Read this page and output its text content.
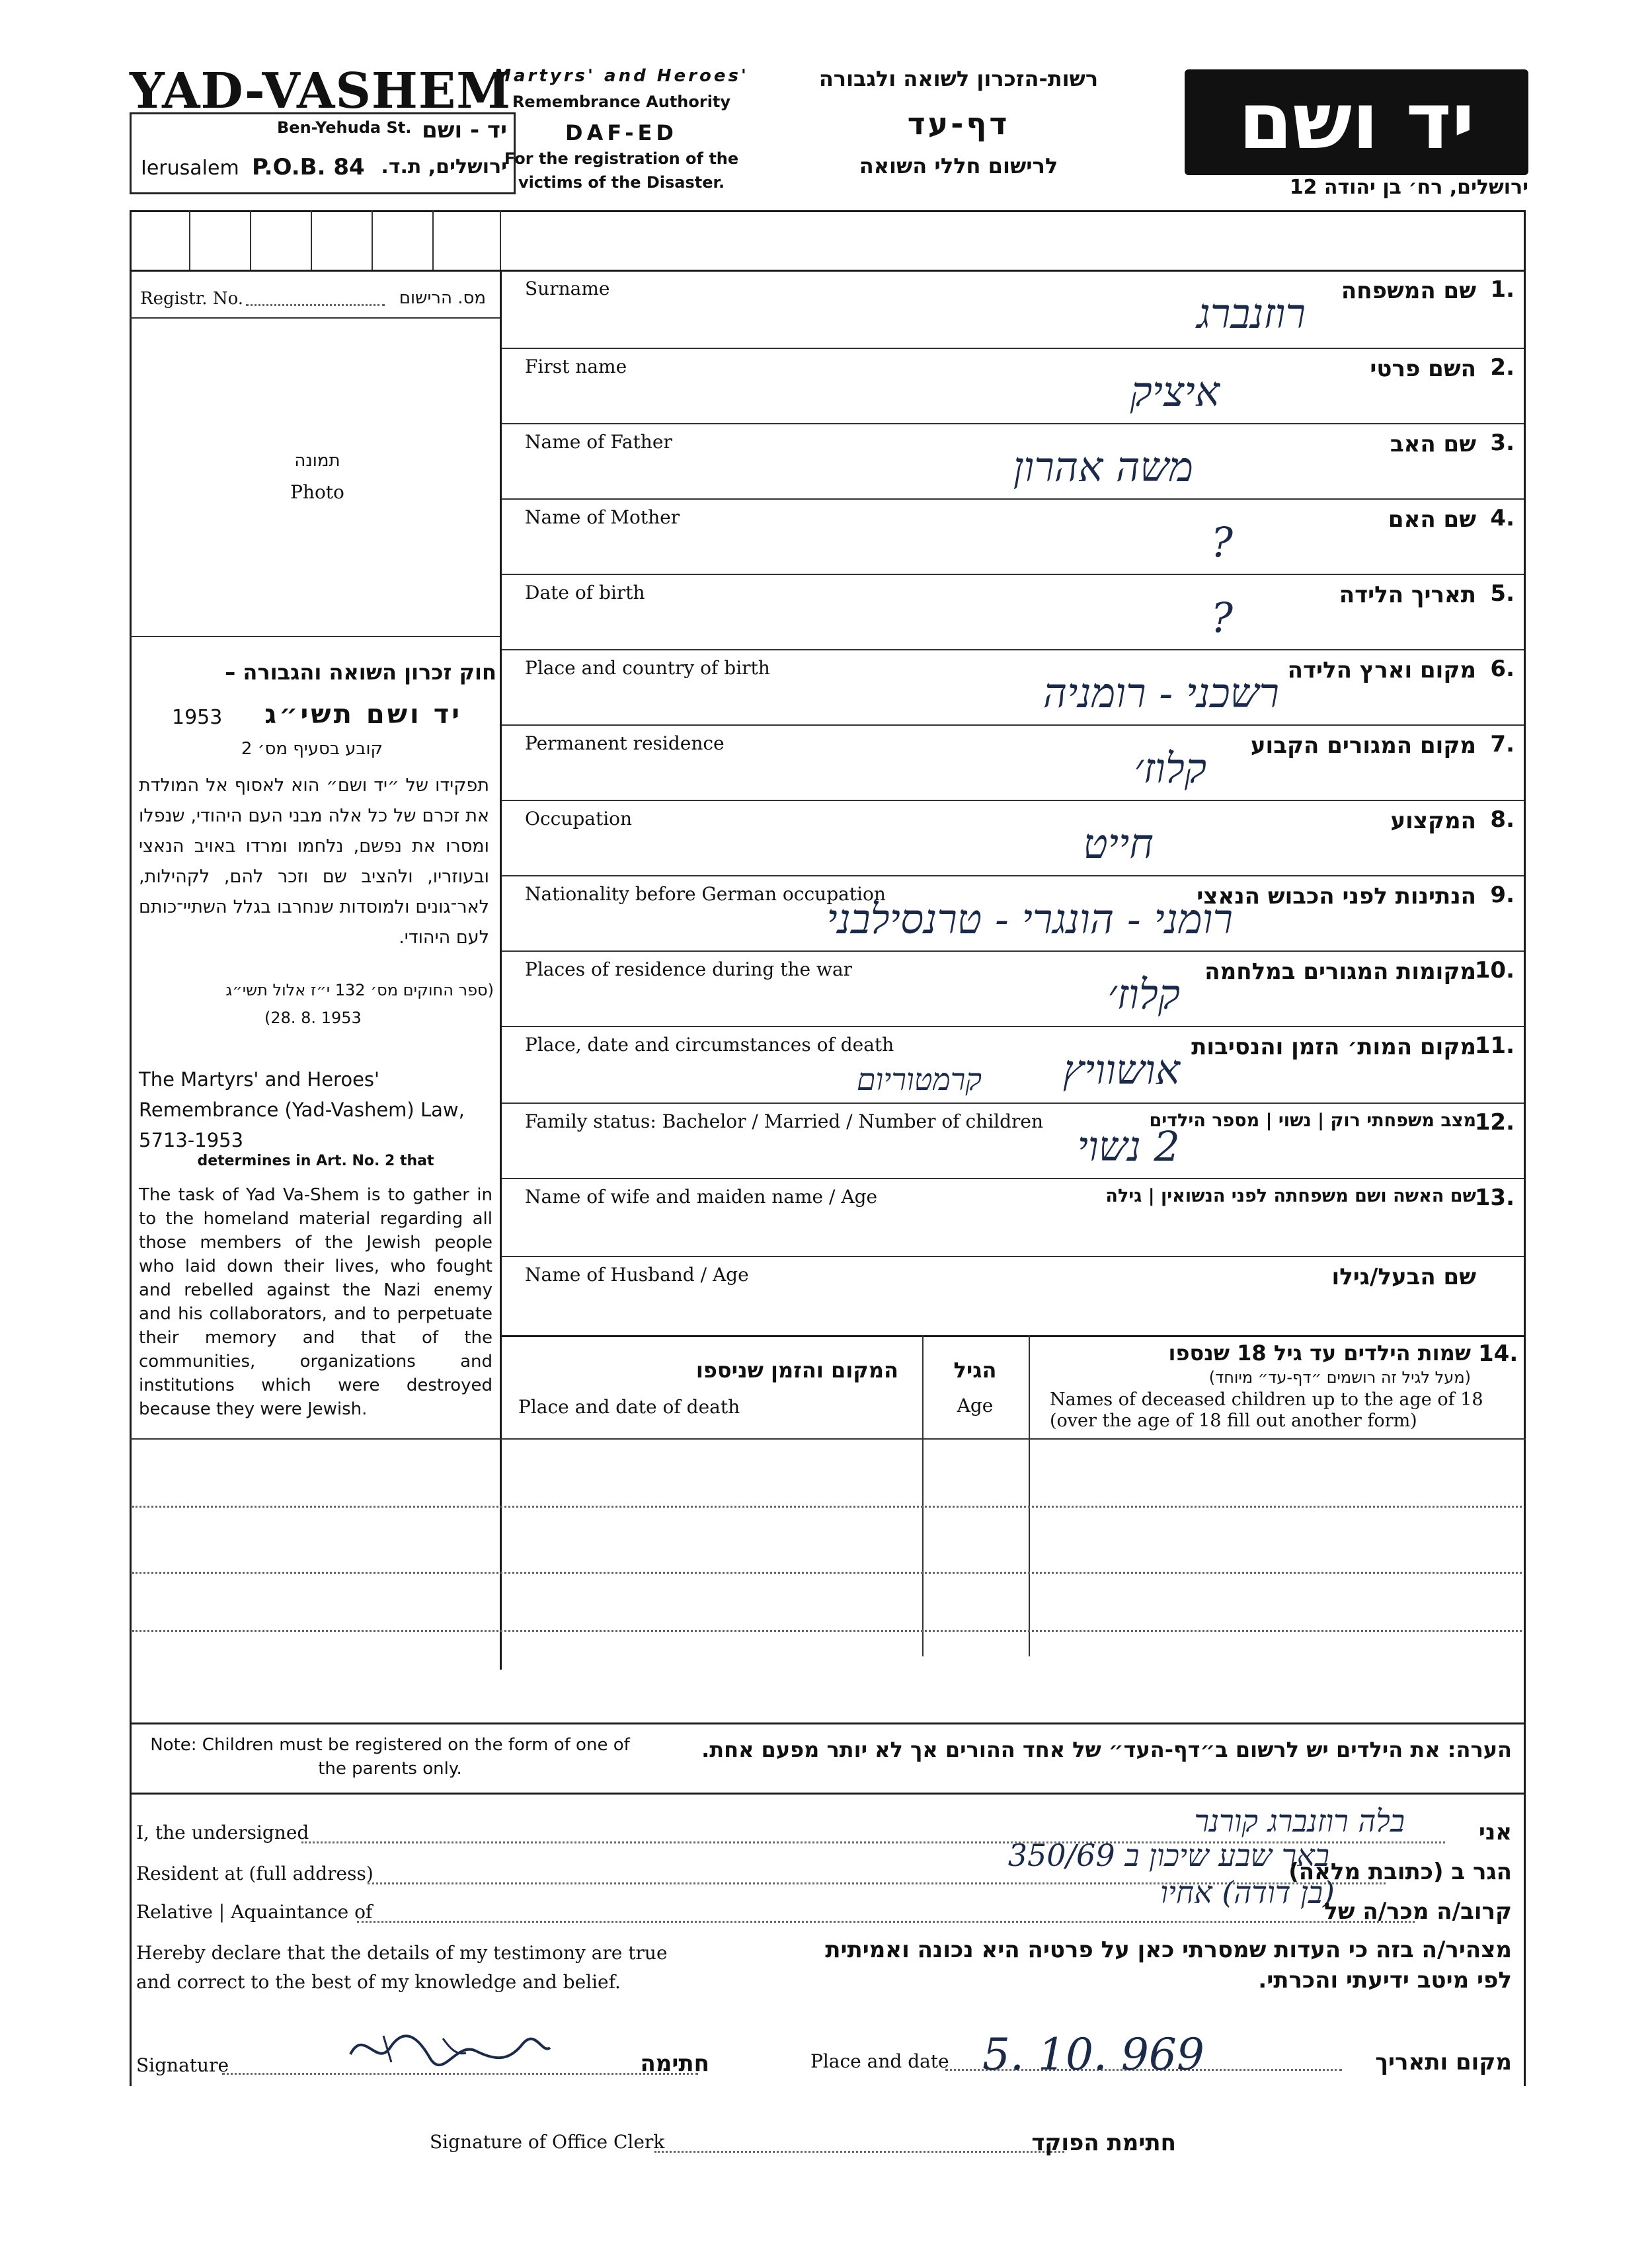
YAD-VASHEM
Ben-Yehuda St. יד - ושם
Ierusalem P.O.B. 84 ירושלים, ת.ד.
Martyrs' and Heroes'
Remembrance Authority
DAF-ED
For the registration of the
victims of the Disaster.
רשות-הזכרון לשואה ולגבורה
דף-עד
לרישום חללי השואה	יד ושם
ירושלים, רח׳ בן יהודה 12
Registr. No.	מס. הרישום
תמונה
Photo
חוק זכרון השואה והגבורה –
1953 יד ושם תשי״ג
קובע בסעיף מס׳ 2
תפקידו של ״יד ושם״ הוא לאסוף אל המולדת את זכרם של כל אלה מבני העם היהודי, שנפלו ומסרו את נפשם, נלחמו ומרדו באויב הנאצי ובעוזריו, ולהציב שם וזכר להם, לקהילות, לאר־גונים ולמוסדות שנחרבו בגלל השתיי־כותם לעם היהודי.
(ספר החוקים מס׳ 132 י״ז אלול תשי״ג
(28. 8. 1953
The Martyrs' and Heroes' Remembrance (Yad-Vashem) Law, 5713-1953
determines in Art. No. 2 that
The task of Yad Va-Shem is to gather in to the homeland material regarding all those members of the Jewish people who laid down their lives, who fought and rebelled against the Nazi enemy and his collaborators, and to perpetuate their memory and that of the communities, organizations and institutions which were destroyed because they were Jewish.
Surname	שם המשפחה 1.
רוזנברג
First name	השם פרטי 2.
איציק
Name of Father	שם האב 3.
משה אהרון
Name of Mother	שם האם 4.
?
Date of birth	תאריך הלידה 5.
?
Place and country of birth	מקום וארץ הלידה 6.
רשכני - רומניה
Permanent residence	מקום המגורים הקבוע 7.
קלוז׳
Occupation	המקצוע 8.
חייט
Nationality before German occupation	הנתינות לפני הכבוש הנאצי 9.
רומני - הונגרי - טרנסילבני
Places of residence during the war	מקומות המגורים במלחמה
10.
קלוז׳
Place, date and circumstances of death	מקום המות׳ הזמן והנסיבות
11.
אושוויץ
קרמטוריום
Family status: Bachelor / Married / Number of children	מצב משפחתי רוק | נשוי | מספר הילדים
12.
2 נשוי
Name of wife and maiden name / Age	שם האשה ושם משפחתה לפני הנשואין | גילה
13.
Name of Husband / Age	שם הבעל/גילו
14.
שמות הילדים עד גיל 18 שנספו
(מעל לגיל זה רושמים ״דף-עד״ מיוחד)
Names of deceased children up to the age of 18
(over the age of 18 fill out another form)
הגיל
Age
המקום והזמן שניספו
Place and date of death
Note: Children must be registered on the form of one of the parents only.
הערה: את הילדים יש לרשום ב״דף-העד״ של אחד ההורים אך לא יותר מפעם אחת.
I, the undersigned	בלה רוזנברג קורנר	אני
Resident at (full address)
באר שבע שיכון ב 350/69
הגר ב (כתובת מלאה)
Relative | Aquaintance of
(בן דודה) אחיו
קרוב/ה מכר/ה של
Hereby declare that the details of my testimony are true
and correct to the best of my knowledge and belief.
מצהיר/ה בזה כי העדות שמסרתי כאן על פרטיה היא נכונה ואמיתית
לפי מיטב ידיעתי והכרתי.
Signature	חתימה	Place and date 5. 10. 969	מקום ותאריך
Signature of Office Clerk	חתימת הפוקד
